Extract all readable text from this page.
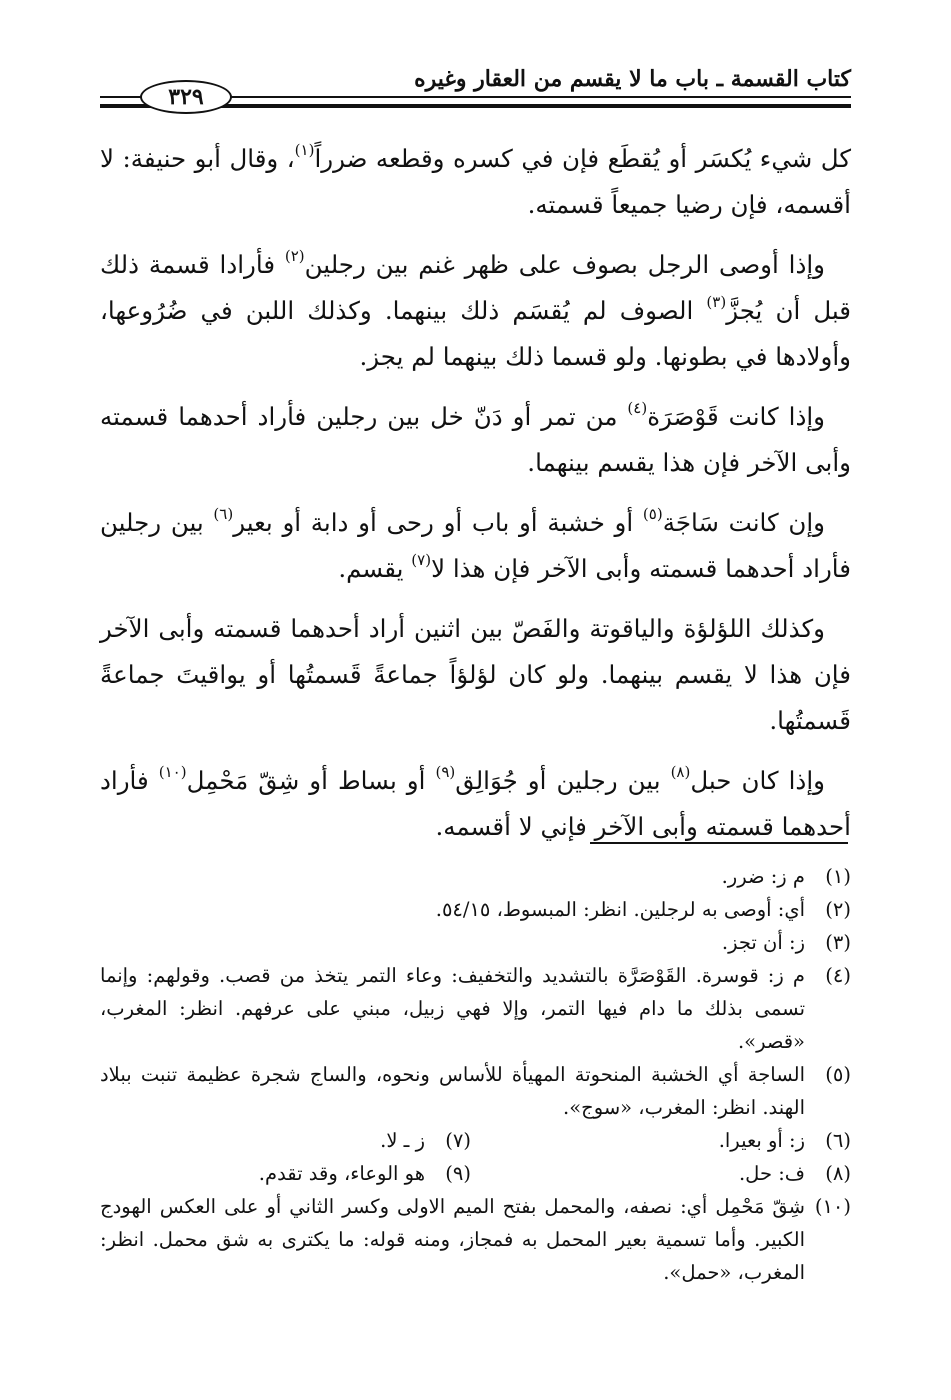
كتاب القسمة ـ باب ما لا يقسم من العقار وغيره
٣٢٩

كل شيء يُكسَر أو يُقطَع فإن في كسره وقطعه ضرراً$^{(١)}$، وقال أبو حنيفة: لا أقسمه، فإن رضيا جميعاً قسمته.

وإذا أوصى الرجل بصوف على ظهر غنم بين رجلين$^{(٢)}$ فأرادا قسمة ذلك قبل أن يُجزَّ$^{(٣)}$ الصوف لم يُقسَم ذلك بينهما. وكذلك اللبن في ضُرُوعها، وأولادها في بطونها. ولو قسما ذلك بينهما لم يجز.

وإذا كانت قَوْصَرَة$^{(٤)}$ من تمر أو دَنّ خل بين رجلين فأراد أحدهما قسمته وأبى الآخر فإن هذا يقسم بينهما.

وإن كانت سَاجَة$^{(٥)}$ أو خشبة أو باب أو رحى أو دابة أو بعير$^{(٦)}$ بين رجلين فأراد أحدهما قسمته وأبى الآخر فإن هذا لا$^{(٧)}$ يقسم.

وكذلك اللؤلؤة والياقوتة والفَصّ بين اثنين أراد أحدهما قسمته وأبى الآخر فإن هذا لا يقسم بينهما. ولو كان لؤلؤاً جماعةً قَسمتُها أو يواقيتَ جماعةً قَسمتُها.

وإذا كان حبل$^{(٨)}$ بين رجلين أو جُوَالِق$^{(٩)}$ أو بساط أو شِقّ مَحْمِل$^{(١٠)}$ فأراد أحدهما قسمته وأبى الآخر فإني لا أقسمه.

(١)
م ز: ضرر.
(٢)
أي: أوصى به لرجلين. انظر: المبسوط، ٥٤/١٥.
(٣)
ز: أن تجز.
(٤)
م ز: قوسرة. القَوْصَرَّة بالتشديد والتخفيف: وعاء التمر يتخذ من قصب. وقولهم: وإنما تسمى بذلك ما دام فيها التمر، وإلا فهي زبيل، مبني على عرفهم. انظر: المغرب، «قصر».
(٥)
الساجة أي الخشبة المنحوتة المهيأة للأساس ونحوه، والساج شجرة عظيمة تنبت ببلاد الهند. انظر: المغرب، «سوج».
(٦)
ز: أو بعيرا.
(٧)
ز ـ لا.
(٨)
ف: حل.
(٩)
هو الوعاء، وقد تقدم.
(١٠)
شِقّ مَحْمِل أي: نصفه، والمحمل بفتح الميم الاولى وكسر الثاني أو على العكس الهودج الكبير. وأما تسمية بعير المحمل به فمجاز، ومنه قوله: ما يكترى به شق محمل. انظر: المغرب، «حمل».
